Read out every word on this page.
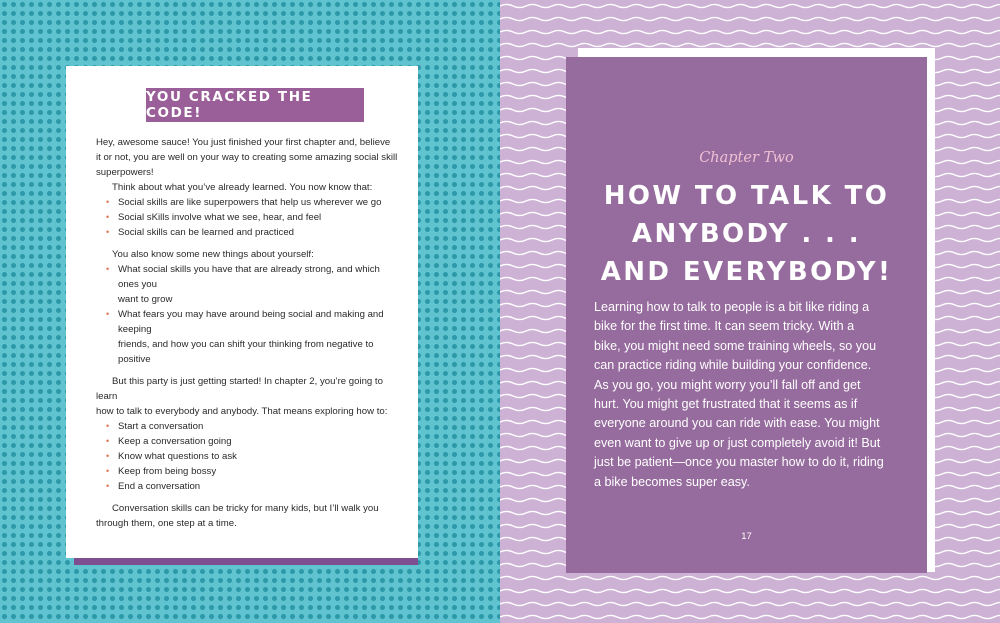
YOU CRACKED THE CODE!

Hey, awesome sauce! You just finished your first chapter and, believe
it or not, you are well on your way to creating some amazing social skill
superpowers!

Think about what you’ve already learned. You now know that:

• Social skills are like superpowers that help us wherever we go
• Social sKills involve what we see, hear, and feel
• Social skills can be learned and practiced

You also know some new things about yourself:

• What social skills you have that are already strong, and which ones you
want to grow
• What fears you may have around being social and making and keeping
friends, and how you can shift your thinking from negative to positive

But this party is just getting started! In chapter 2, you’re going to learn
how to talk to everybody and anybody. That means exploring how to:

• Start a conversation
• Keep a conversation going
• Know what questions to ask
• Keep from being bossy
• End a conversation

Conversation skills can be tricky for many kids, but I’ll walk you
through them, one step at a time.

Chapter Two
HOW TO TALK TO
ANYBODY . . .
AND EVERYBODY!
Learning how to talk to people is a bit like riding a
bike for the first time. It can seem tricky. With a
bike, you might need some training wheels, so you
can practice riding while building your confidence.
As you go, you might worry you’ll fall off and get
hurt. You might get frustrated that it seems as if
everyone around you can ride with ease. You might
even want to give up or just completely avoid it! But
just be patient—once you master how to do it, riding
a bike becomes super easy.
17
